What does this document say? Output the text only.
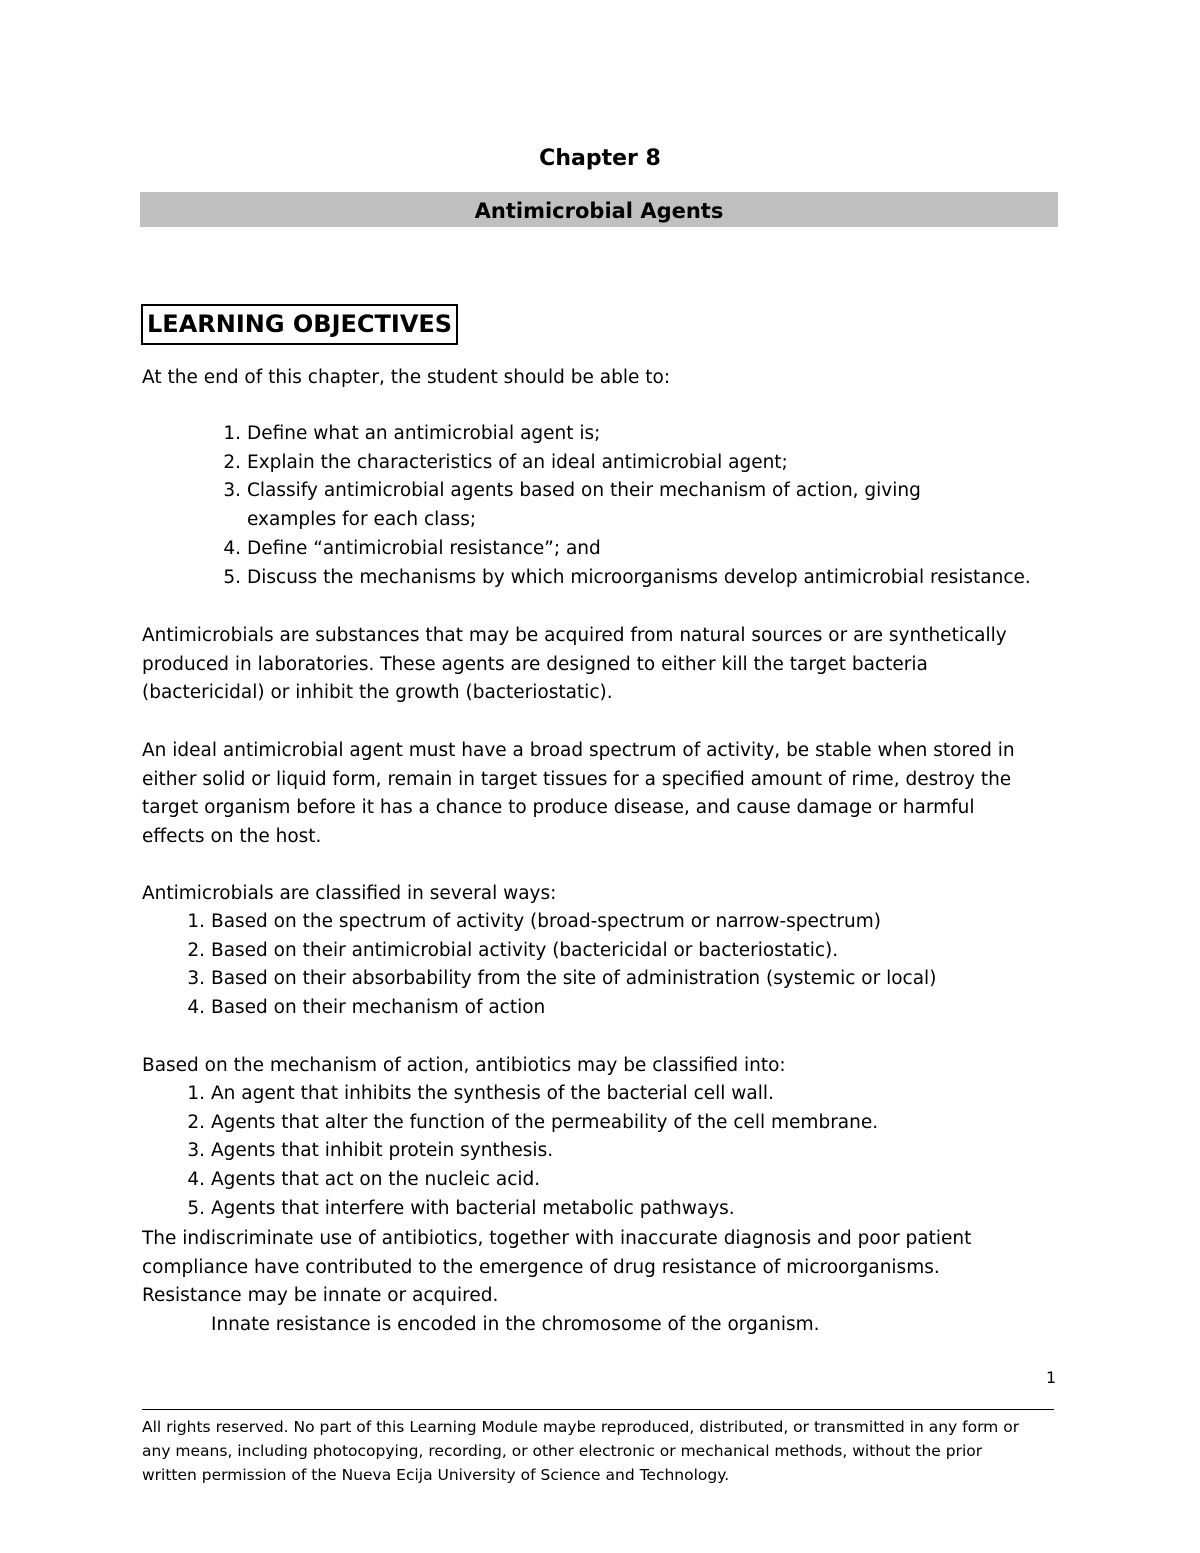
Chapter 8
Antimicrobial Agents
LEARNING OBJECTIVES
At the end of this chapter, the student should be able to:
1. Define what an antimicrobial agent is;
2. Explain the characteristics of an ideal antimicrobial agent;
3. Classify antimicrobial agents based on their mechanism of action, giving
examples for each class;
4. Define “antimicrobial resistance”; and
5. Discuss the mechanisms by which microorganisms develop antimicrobial resistance.
Antimicrobials are substances that may be acquired from natural sources or are synthetically
produced in laboratories. These agents are designed to either kill the target bacteria
(bactericidal) or inhibit the growth (bacteriostatic).
An ideal antimicrobial agent must have a broad spectrum of activity, be stable when stored in
either solid or liquid form, remain in target tissues for a specified amount of rime, destroy the
target organism before it has a chance to produce disease, and cause damage or harmful
effects on the host.
Antimicrobials are classified in several ways:
1. Based on the spectrum of activity (broad-spectrum or narrow-spectrum)
2. Based on their antimicrobial activity (bactericidal or bacteriostatic).
3. Based on their absorbability from the site of administration (systemic or local)
4. Based on their mechanism of action
Based on the mechanism of action, antibiotics may be classified into:
1. An agent that inhibits the synthesis of the bacterial cell wall.
2. Agents that alter the function of the permeability of the cell membrane.
3. Agents that inhibit protein synthesis.
4. Agents that act on the nucleic acid.
5. Agents that interfere with bacterial metabolic pathways.
The indiscriminate use of antibiotics, together with inaccurate diagnosis and poor patient
compliance have contributed to the emergence of drug resistance of microorganisms.
Resistance may be innate or acquired.
Innate resistance is encoded in the chromosome of the organism.
1
All rights reserved. No part of this Learning Module maybe reproduced, distributed, or transmitted in any form or
any means, including photocopying, recording, or other electronic or mechanical methods, without the prior
written permission of the Nueva Ecija University of Science and Technology.
